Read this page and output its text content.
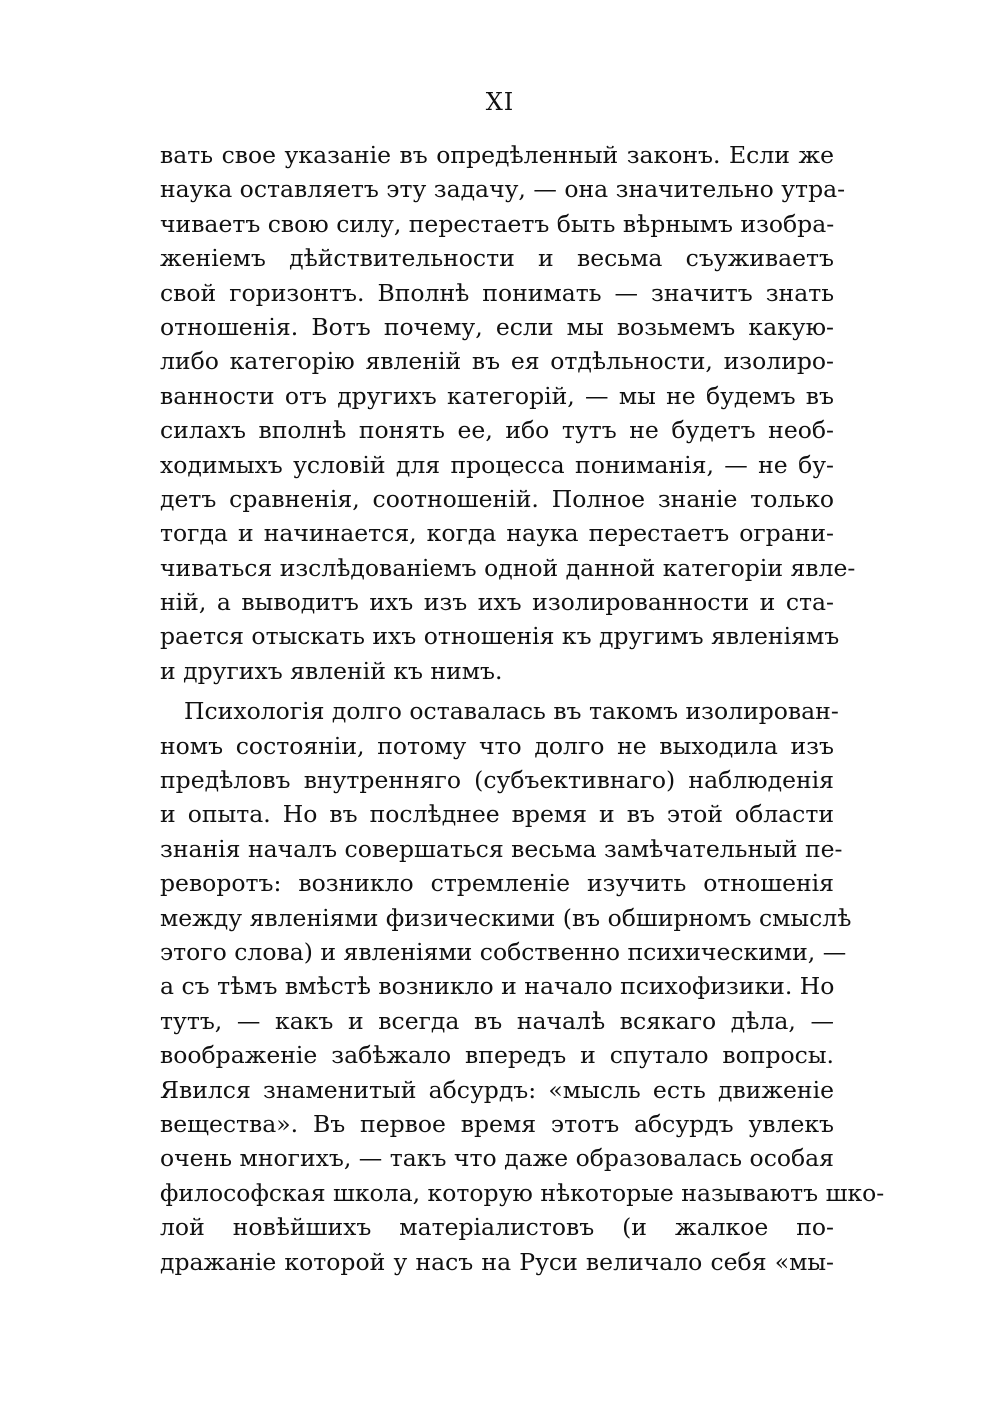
XI
вать свое указаніе въ опредѣленный законъ. Если же
наука оставляетъ эту задачу, — она значительно утра-
чиваетъ свою силу, перестаетъ быть вѣрнымъ изобра-
женіемъ дѣйствительности и весьма съуживаетъ
свой горизонтъ. Вполнѣ понимать — значитъ знать
отношенія. Вотъ почему, если мы возьмемъ какую-
либо категорію явленій въ ея отдѣльности, изолиро-
ванности отъ другихъ категорій, — мы не будемъ въ
силахъ вполнѣ понять ее, ибо тутъ не будетъ необ-
ходимыхъ условій для процесса пониманія, — не бу-
детъ сравненія, соотношеній. Полное знаніе только
тогда и начинается, когда наука перестаетъ ограни-
чиваться изслѣдованіемъ одной данной категоріи явле-
ній, а выводитъ ихъ изъ ихъ изолированности и ста-
рается отыскать ихъ отношенія къ другимъ явленіямъ
и другихъ явленій къ нимъ.
Психологія долго оставалась въ такомъ изолирован-
номъ состояніи, потому что долго не выходила изъ
предѣловъ внутренняго (субъективнаго) наблюденія
и опыта. Но въ послѣднее время и въ этой области
знанія началъ совершаться весьма замѣчательный пе-
реворотъ: возникло стремленіе изучить отношенія
между явленіями физическими (въ обширномъ смыслѣ
этого слова) и явленіями собственно психическими, —
а съ тѣмъ вмѣстѣ возникло и начало психофизики. Но
тутъ, — какъ и всегда въ началѣ всякаго дѣла, —
воображеніе забѣжало впередъ и спутало вопросы.
Явился знаменитый абсурдъ: «мысль есть движеніе
вещества». Въ первое время этотъ абсурдъ увлекъ
очень многихъ, — такъ что даже образовалась особая
философская школа, которую нѣкоторые называютъ шко-
лой новѣйшихъ матеріалистовъ (и жалкое по-
дражаніе которой у насъ на Руси величало себя «мы-
